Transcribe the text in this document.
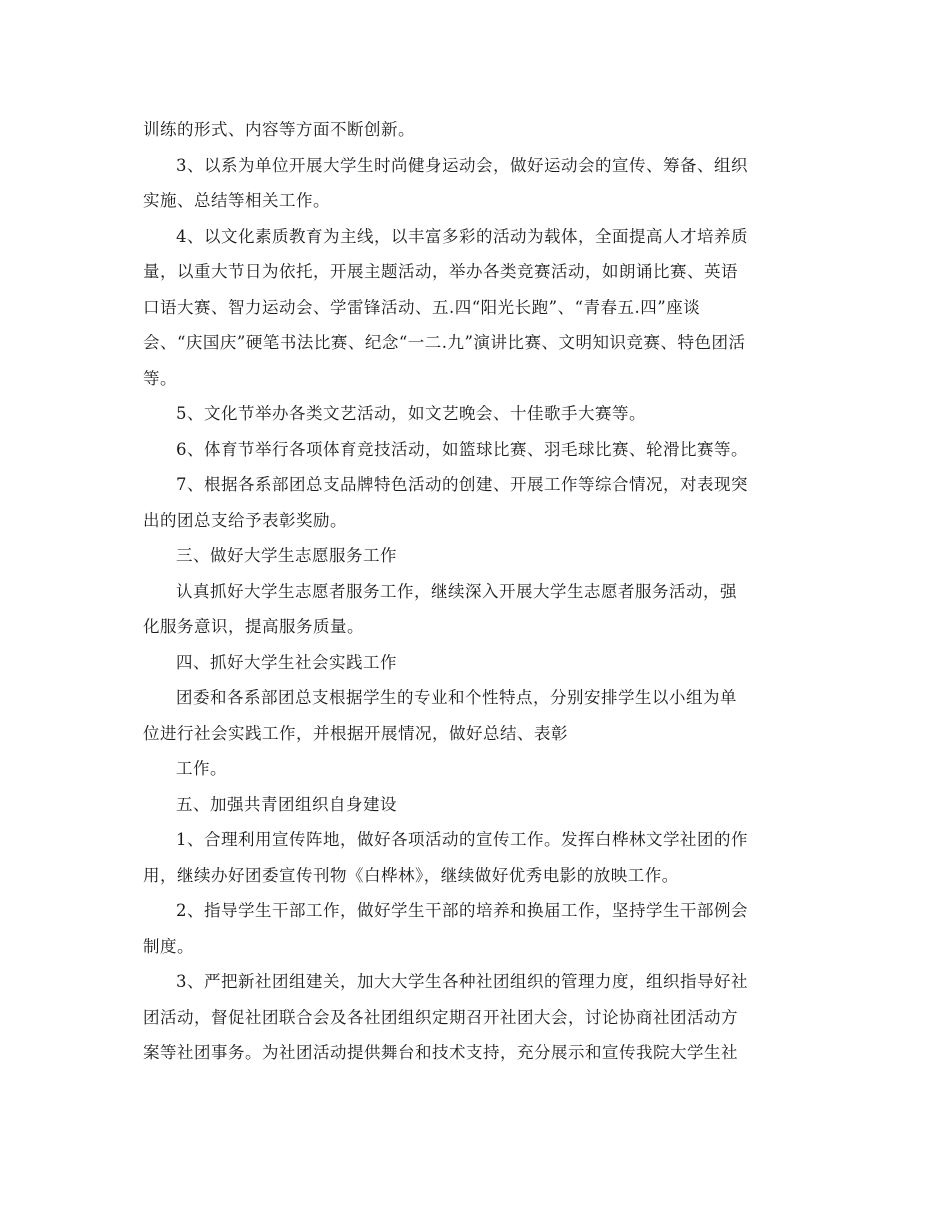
训练的形式、内容等方面不断创新。
3、以系为单位开展大学生时尚健身运动会，做好运动会的宣传、筹备、组织
实施、总结等相关工作。
4、以文化素质教育为主线，以丰富多彩的活动为载体，全面提高人才培养质
量，以重大节日为依托，开展主题活动，举办各类竞赛活动，如朗诵比赛、英语
口语大赛、智力运动会、学雷锋活动、五.四“阳光长跑”、“青春五.四”座谈
会、“庆国庆”硬笔书法比赛、纪念“一二.九”演讲比赛、文明知识竞赛、特色团活
等。
5、文化节举办各类文艺活动，如文艺晚会、十佳歌手大赛等。
6、体育节举行各项体育竞技活动，如篮球比赛、羽毛球比赛、轮滑比赛等。
7、根据各系部团总支品牌特色活动的创建、开展工作等综合情况，对表现突
出的团总支给予表彰奖励。
三、做好大学生志愿服务工作
认真抓好大学生志愿者服务工作，继续深入开展大学生志愿者服务活动，强
化服务意识，提高服务质量。
四、抓好大学生社会实践工作
团委和各系部团总支根据学生的专业和个性特点，分别安排学生以小组为单
位进行社会实践工作，并根据开展情况，做好总结、表彰
工作。
五、加强共青团组织自身建设
1、合理利用宣传阵地，做好各项活动的宣传工作。发挥白桦林文学社团的作
用，继续办好团委宣传刊物《白桦林》，继续做好优秀电影的放映工作。
2、指导学生干部工作，做好学生干部的培养和换届工作，坚持学生干部例会
制度。
3、严把新社团组建关，加大大学生各种社团组织的管理力度，组织指导好社
团活动，督促社团联合会及各社团组织定期召开社团大会，讨论协商社团活动方
案等社团事务。为社团活动提供舞台和技术支持，充分展示和宣传我院大学生社
